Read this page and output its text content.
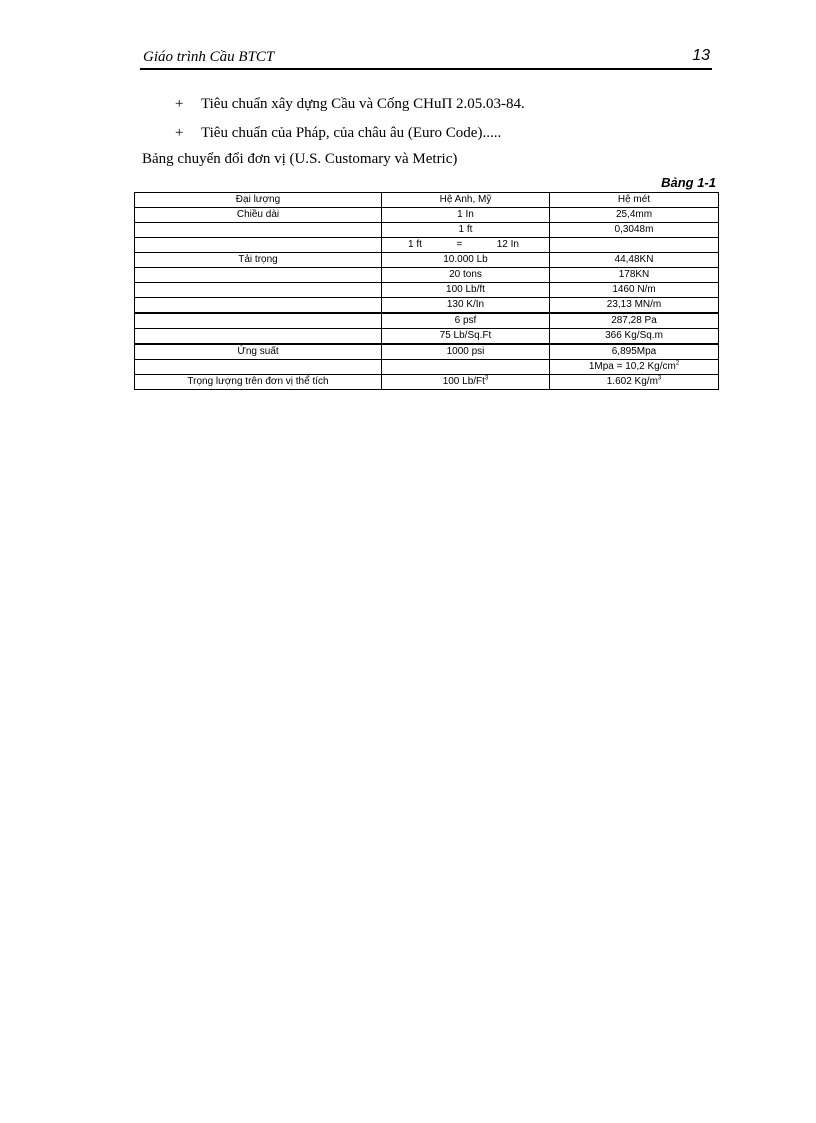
Giáo trình Cầu BTCT	13
+ Tiêu chuẩn xây dựng Cầu và Cống CHuП 2.05.03-84.
+ Tiêu chuẩn của Pháp, của châu âu (Euro Code).....
Bảng chuyển đổi đơn vị (U.S. Customary và Metric)
Bảng 1-1
Đại lượng	Hệ Anh, Mỹ	Hệ mét
Chiều dài	1 In	25,4mm
	1 ft	0,3048m

	1 ft = 12 In	

Tải trọng	10.000 Lb	44,48KN
	20 tons	178KN
	100 Lb/ft	1460 N/m
	130 K/In	23,13 MN/m
	6 psf	287,28 Pa
	75 Lb/Sq.Ft	366 Kg/Sq.m
Ứng suất	1000 psi	6,895Mpa
		1Mpa = 10,2 $Kg/cm^2$
Trọng lượng trên đơn vị thể tích	100 Lb/Ft$^3$	1.602 $Kg/m^3$
